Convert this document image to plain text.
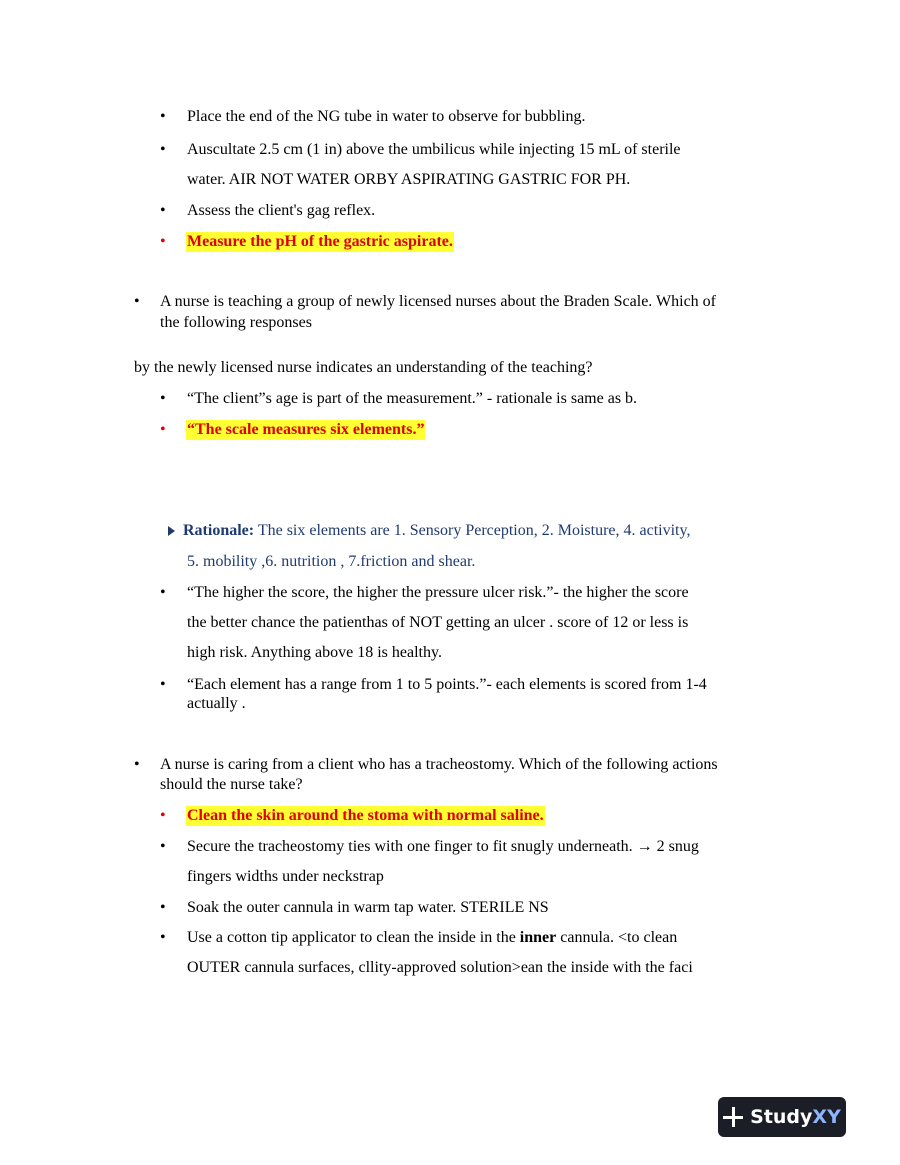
• Place the end of the NG tube in water to observe for bubbling.
• Auscultate 2.5 cm (1 in) above the umbilicus while injecting 15 mL of sterile
water. AIR NOT WATER ORBY ASPIRATING GASTRIC FOR PH.
• Assess the client's gag reflex.
• Measure the pH of the gastric aspirate.
• A nurse is teaching a group of newly licensed nurses about the Braden Scale. Which of
the following responses
by the newly licensed nurse indicates an understanding of the teaching?
• “The client”s age is part of the measurement.” - rationale is same as b.
• “The scale measures six elements.”
Rationale: The six elements are 1. Sensory Perception, 2. Moisture, 4. activity,
5. mobility ,6. nutrition , 7.friction and shear.
• “The higher the score, the higher the pressure ulcer risk.”- the higher the score
the better chance the patienthas of NOT getting an ulcer . score of 12 or less is
high risk. Anything above 18 is healthy.
• “Each element has a range from 1 to 5 points.”- each elements is scored from 1-4
actually .
• A nurse is caring from a client who has a tracheostomy. Which of the following actions
should the nurse take?
• Clean the skin around the stoma with normal saline.
• Secure the tracheostomy ties with one finger to fit snugly underneath. → 2 snug
fingers widths under neckstrap
• Soak the outer cannula in warm tap water. STERILE NS
• Use a cotton tip applicator to clean the inside in the inner cannula. <to clean
OUTER cannula surfaces, cllity-approved solution>ean the inside with the faci
Study XY
